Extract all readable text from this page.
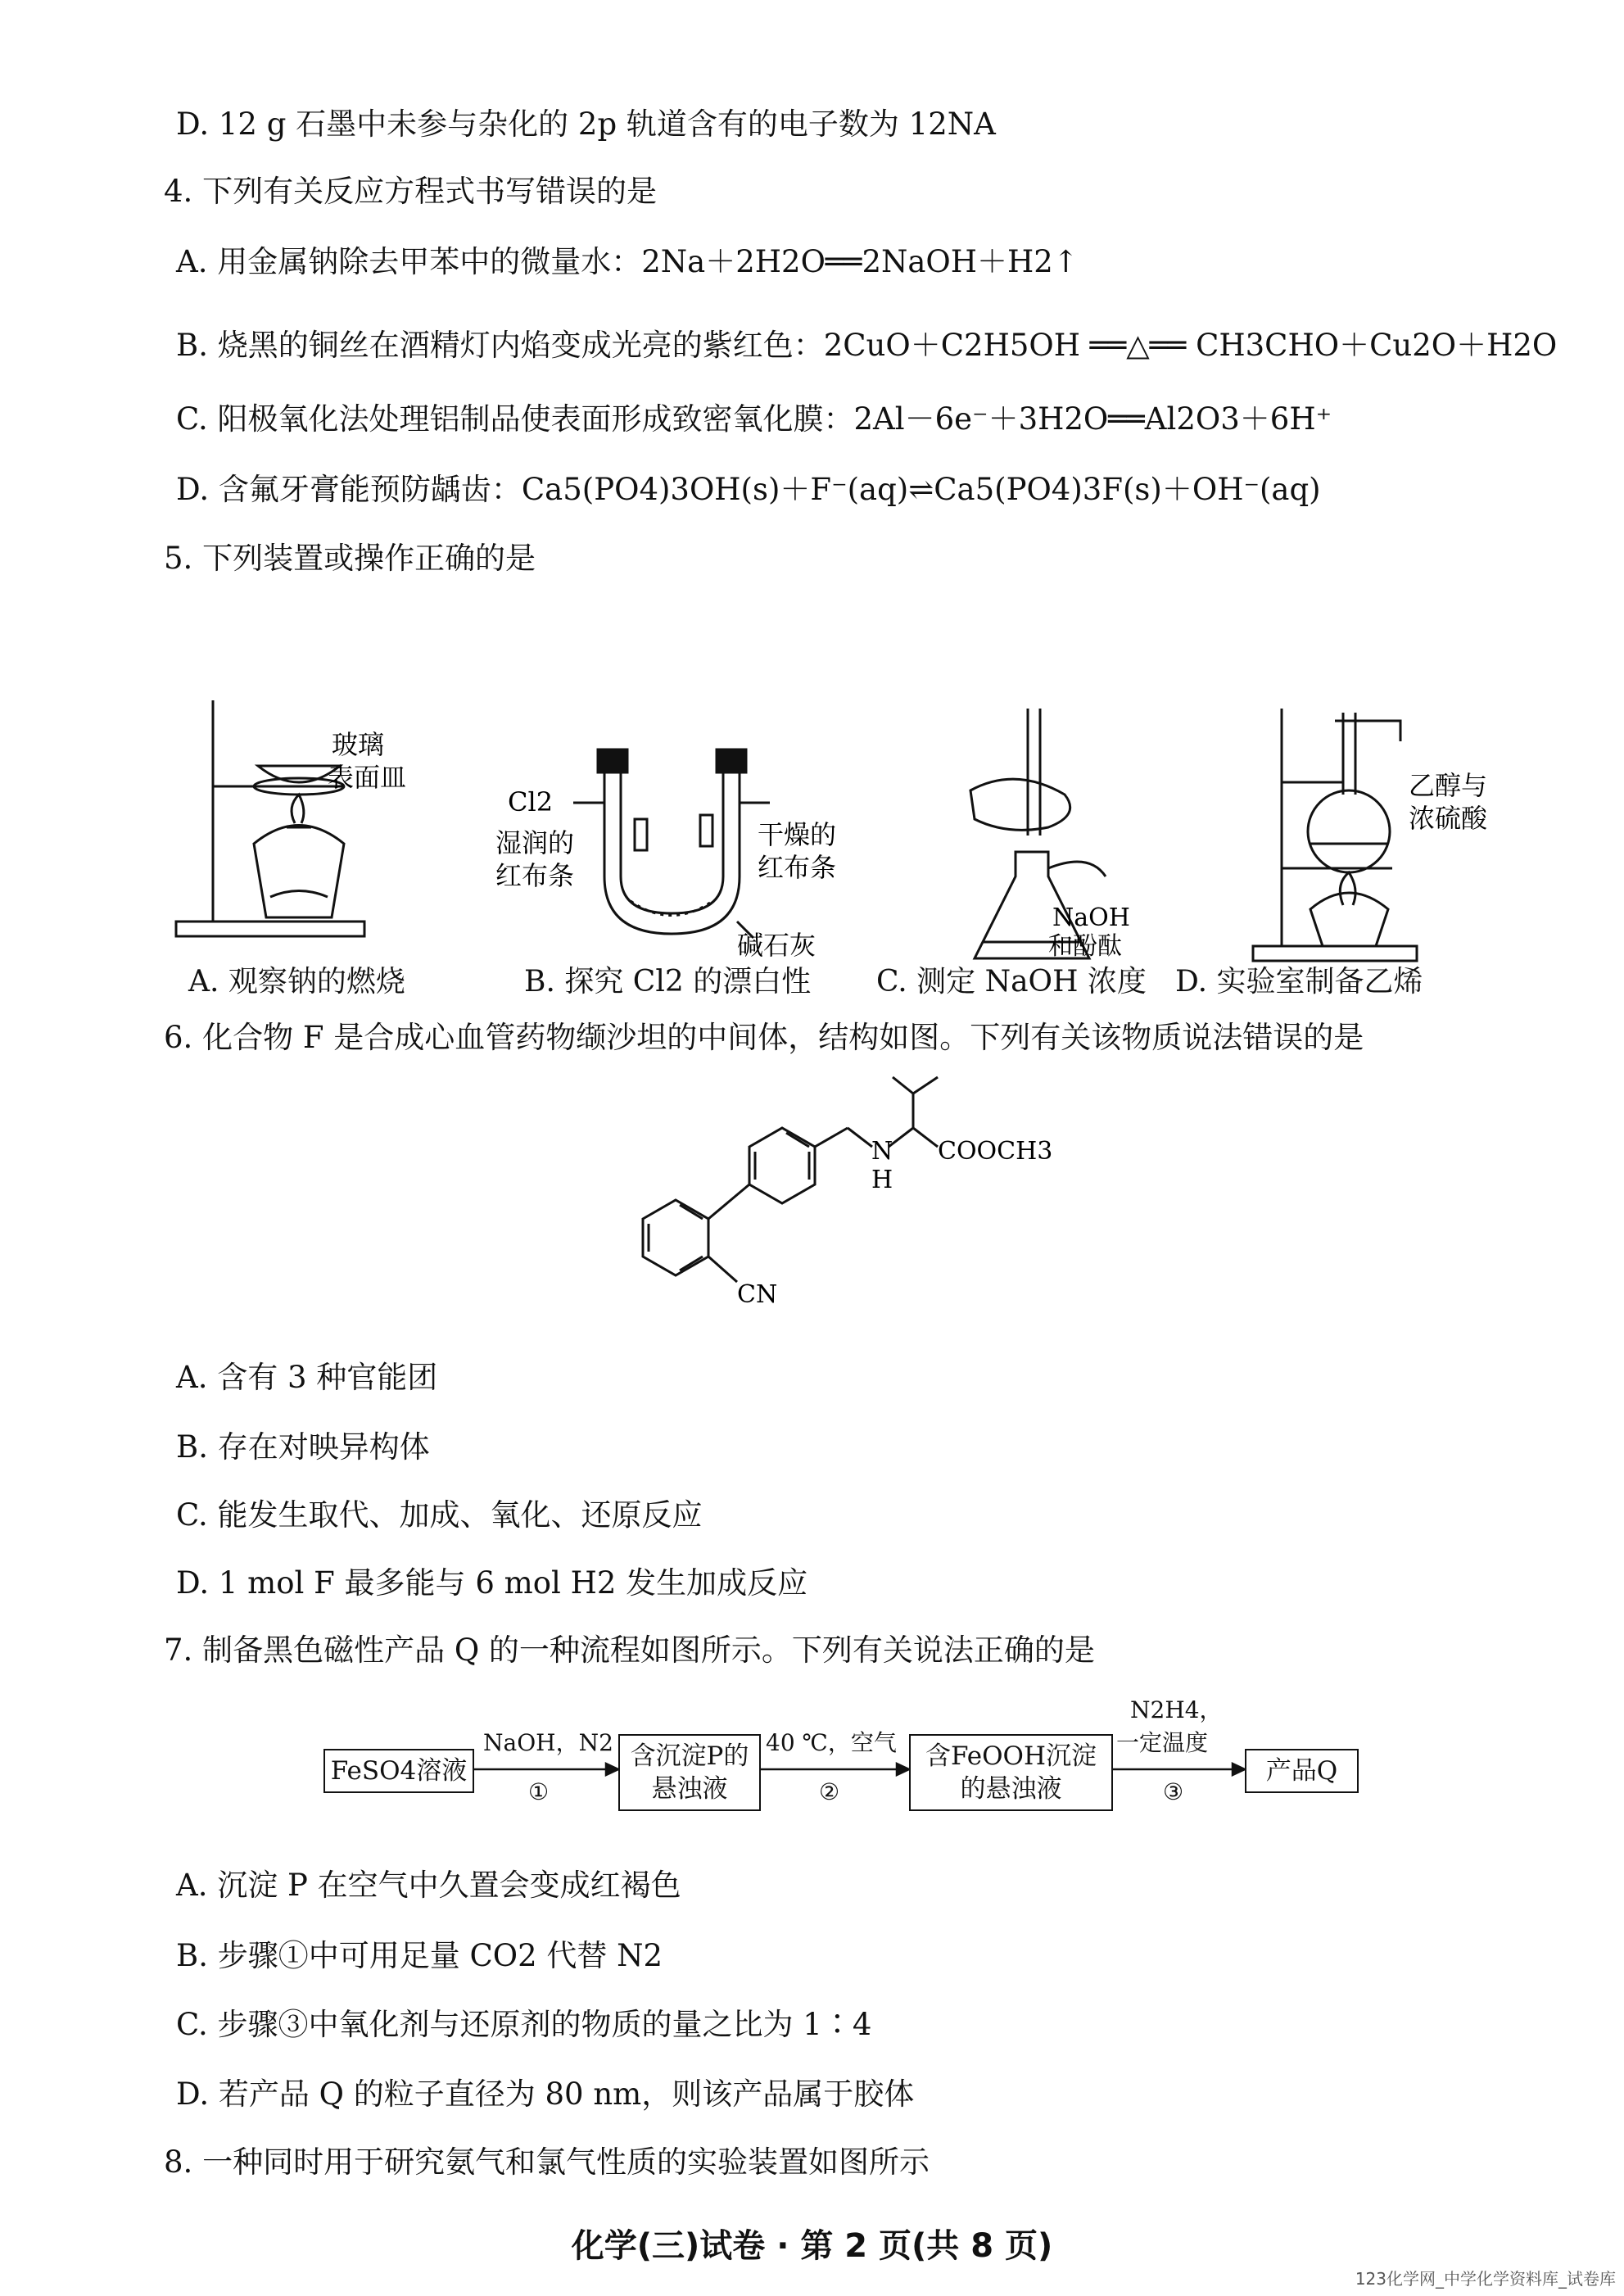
D. 12 g 石墨中未参与杂化的 2p 轨道含有的电子数为 12NA
4. 下列有关反应方程式书写错误的是
A. 用金属钠除去甲苯中的微量水：2Na＋2H2O══2NaOH＋H2↑
B. 烧黑的铜丝在酒精灯内焰变成光亮的紫红色：2CuO＋C2H5OH ══△══ CH3CHO＋Cu2O＋H2O
C. 阳极氧化法处理铝制品使表面形成致密氧化膜：2Al－6e⁻＋3H2O══Al2O3＋6H⁺
D. 含氟牙膏能预防龋齿：Ca5(PO4)3OH(s)＋F⁻(aq)⇌Ca5(PO4)3F(s)＋OH⁻(aq)
5. 下列装置或操作正确的是
玻璃
表面皿
Cl2
湿润的
红布条
干燥的
红布条
碱石灰
NaOH
和酚酞
乙醇与
浓硫酸
A. 观察钠的燃烧	B. 探究 Cl2 的漂白性 C. 测定 NaOH 浓度 D. 实验室制备乙烯
6. 化合物 F 是合成心血管药物缬沙坦的中间体，结构如图。下列有关该物质说法错误的是
N
H
COOCH3
CN
A. 含有 3 种官能团
B. 存在对映异构体
C. 能发生取代、加成、氧化、还原反应
D. 1 mol F 最多能与 6 mol H2 发生加成反应
7. 制备黑色磁性产品 Q 的一种流程如图所示。下列有关说法正确的是
FeSO4溶液
含沉淀P的
悬浊液
含FeOOH沉淀
的悬浊液
产品Q
NaOH，N2
①
40 ℃，空气
②
N2H4，
一定温度
③
A. 沉淀 P 在空气中久置会变成红褐色
B. 步骤①中可用足量 CO2 代替 N2
C. 步骤③中氧化剂与还原剂的物质的量之比为 1∶4
D. 若产品 Q 的粒子直径为 80 nm，则该产品属于胶体
8. 一种同时用于研究氨气和氯气性质的实验装置如图所示
化学(三)试卷 · 第 2 页(共 8 页)
123化学网_中学化学资料库_试卷库
